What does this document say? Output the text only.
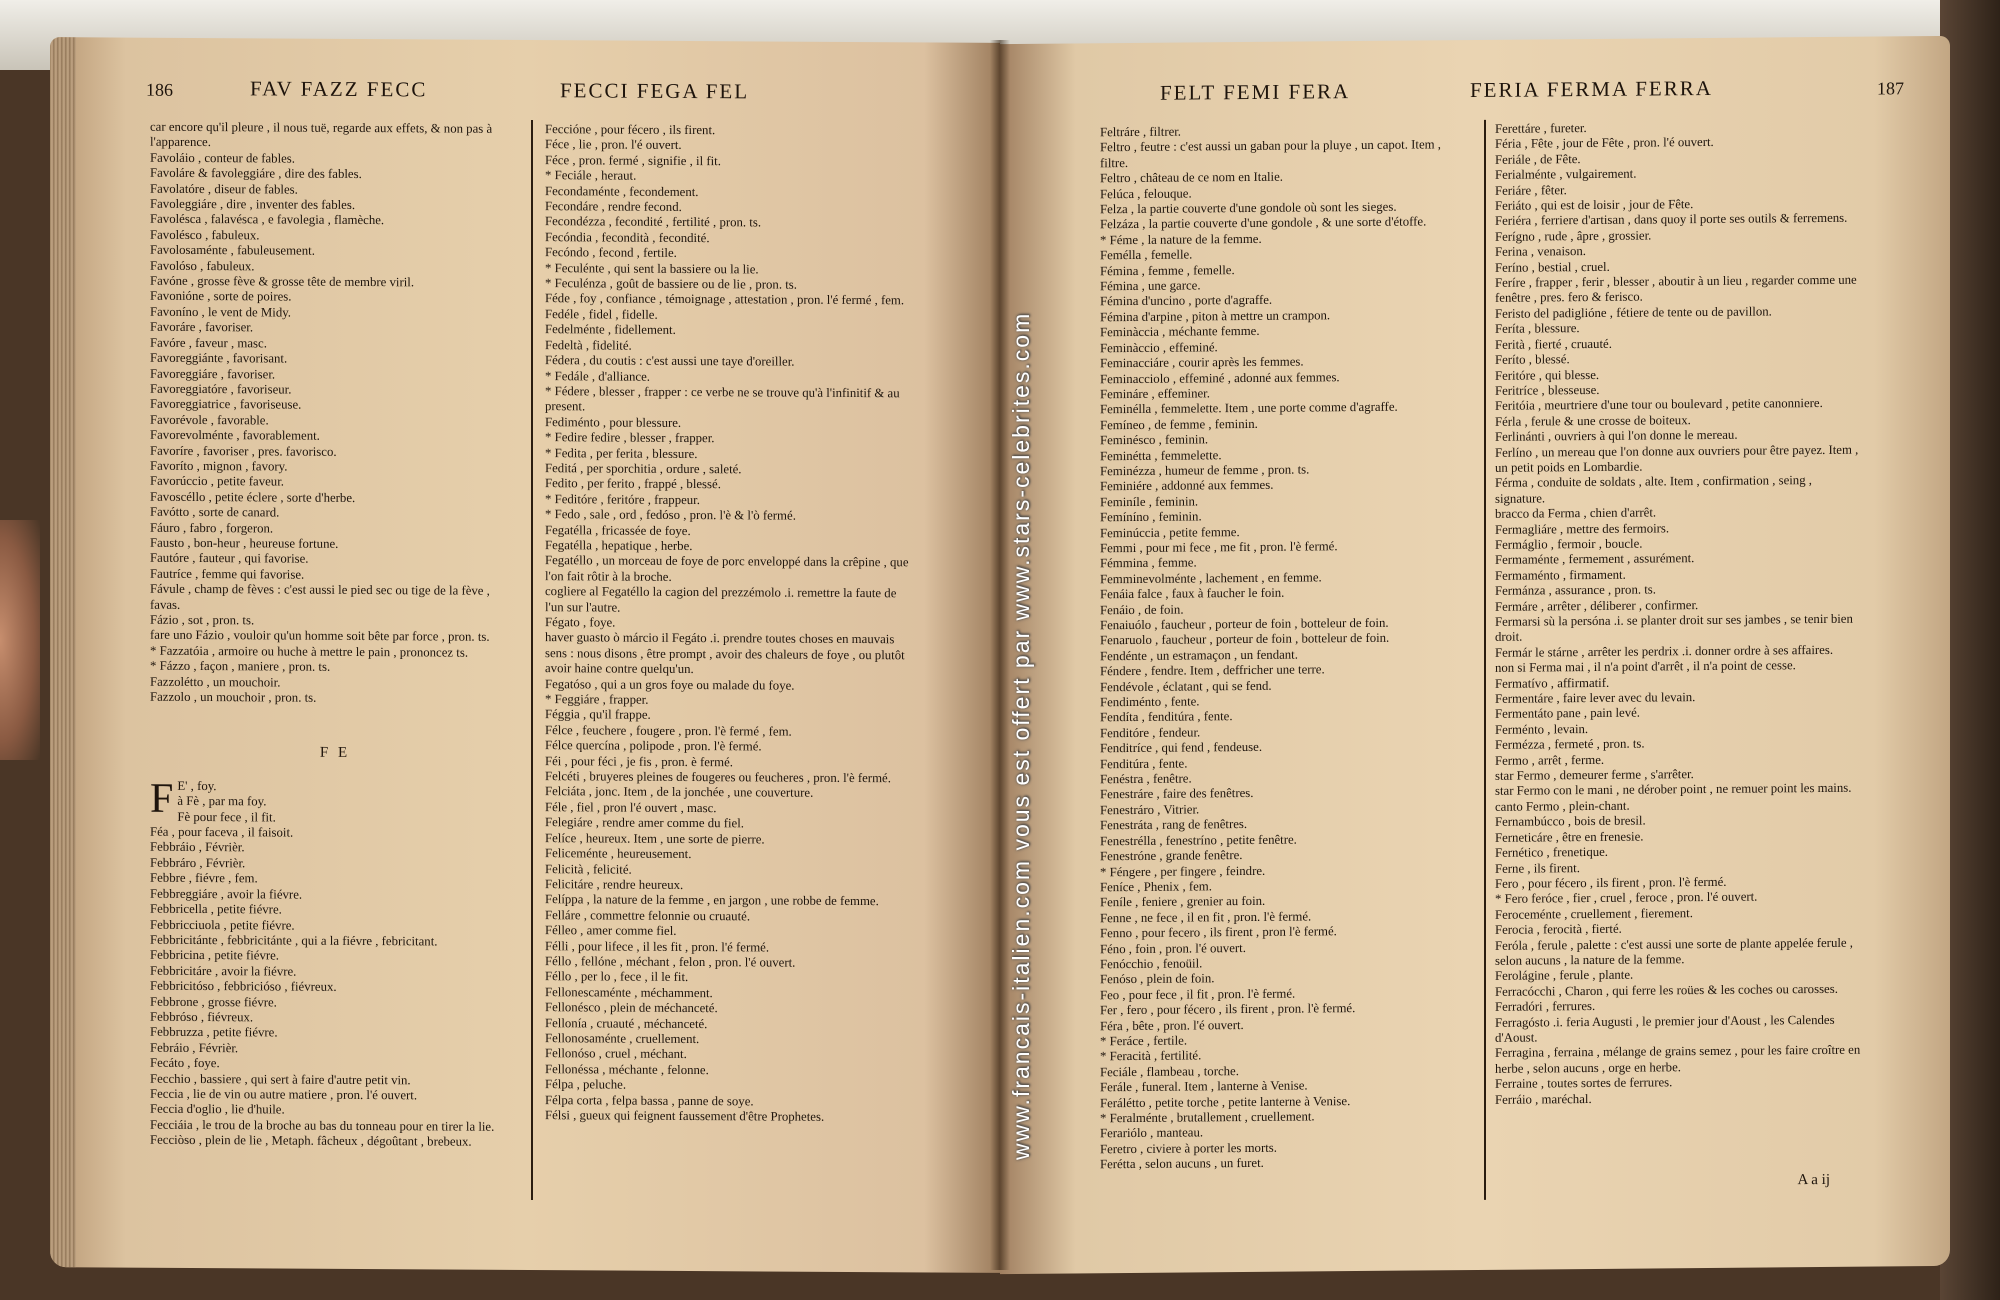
186	FAV FAZZ FECC	FECCI FEGA FEL
car encore qu'il pleure , il nous tuë, regarde aux effets, & non pas à l'apparence.
Favoláio , conteur de fables.
Favoláre & favoleggiáre , dire des fables.
Favolatóre , diseur de fables.
Favoleggiáre , dire , inventer des fables.
Favolésca , falavésca , e favolegia , flamèche.
Favolésco , fabuleux.
Favolosaménte , fabuleusement.
Favolóso , fabuleux.
Favóne , grosse fève & grosse tête de membre viril.
Favonióne , sorte de poires.
Favoníno , le vent de Midy.
Favoráre , favoriser.
Favóre , faveur , masc.
Favoreggiánte , favorisant.
Favoreggiáre , favoriser.
Favoreggiatóre , favoriseur.
Favoreggiatrice , favoriseuse.
Favorévole , favorable.
Favorevolménte , favorablement.
Favoríre , favoriser , pres. favorisco.
Favoríto , mignon , favory.
Favorúccio , petite faveur.
Favoscéllo , petite éclere , sorte d'herbe.
Favótto , sorte de canard.
Fáuro , fabro , forgeron.
Fausto , bon-heur , heureuse fortune.
Fautóre , fauteur , qui favorise.
Fautríce , femme qui favorise.
Fávule , champ de fèves : c'est aussi le pied sec ou tige de la fève , favas.
Fázio , sot , pron. ts.
fare uno Fázio , vouloir qu'un homme soit bête par force , pron. ts.
* Fazzatóia , armoire ou huche à mettre le pain , prononcez ts.
* Fázzo , façon , maniere , pron. ts.
Fazzolétto , un mouchoir.
Fazzolo , un mouchoir , pron. ts.
F E
F E' , foy.
à Fè , par ma foy.
Fè pour fece , il fit.
Féa , pour faceva , il faisoit.
Febbráio , Févrièr.
Febbráro , Févrièr.
Febbre , fiévre , fem.
Febbreggiáre , avoir la fiévre.
Febbricella , petite fiévre.
Febbricciuola , petite fiévre.
Febbricitánte , febbricitánte , qui a la fiévre , febricitant.
Febbricina , petite fiévre.
Febbricitáre , avoir la fiévre.
Febbricitóso , febbricióso , fiévreux.
Febbrone , grosse fiévre.
Febbróso , fiévreux.
Febbruzza , petite fiévre.
Febráio , Févrièr.
Fecáto , foye.
Fecchio , bassiere , qui sert à faire d'autre petit vin.
Feccia , lie de vin ou autre matiere , pron. l'é ouvert.
Feccia d'oglio , lie d'huile.
Fecciáia , le trou de la broche au bas du tonneau pour en tirer la lie.
Fecciòso , plein de lie , Metaph. fâcheux , dégoûtant , brebeux.
Feccióne , pour fécero , ils firent.
Féce , lie , pron. l'é ouvert.
Féce , pron. fermé , signifie , il fit.
* Feciále , heraut.
Fecondaménte , fecondement.
Fecondáre , rendre fecond.
Fecondézza , fecondité , fertilité , pron. ts.
Fecóndia , fecondità , fecondité.
Fecóndo , fecond , fertile.
* Feculénte , qui sent la bassiere ou la lie.
* Feculénza , goût de bassiere ou de lie , pron. ts.
Féde , foy , confiance , témoignage , attestation , pron. l'é fermé , fem.
Fedéle , fidel , fidelle.
Fedelménte , fidellement.
Fedeltà , fidelité.
Fédera , du coutis : c'est aussi une taye d'oreiller.
* Fedále , d'alliance.
* Fédere , blesser , frapper : ce verbe ne se trouve qu'à l'infinitif & au present.
Fediménto , pour blessure.
* Fedire fedire , blesser , frapper.
* Fedita , per ferita , blessure.
Feditá , per sporchitia , ordure , saleté.
Fedito , per ferito , frappé , blessé.
* Feditóre , feritóre , frappeur.
* Fedo , sale , ord , fedóso , pron. l'è & l'ò fermé.
Fegatélla , fricassée de foye.
Fegatélla , hepatique , herbe.
Fegatéllo , un morceau de foye de porc enveloppé dans la crêpine , que l'on fait rôtir à la broche.
cogliere al Fegatéllo la cagion del prezzémolo .i. remettre la faute de l'un sur l'autre.
Fégato , foye.
haver guasto ò márcio il Fegáto .i. prendre toutes choses en mauvais sens : nous disons , être prompt , avoir des chaleurs de foye , ou plutôt avoir haine contre quelqu'un.
Fegatóso , qui a un gros foye ou malade du foye.
* Feggiáre , frapper.
Féggia , qu'il frappe.
Félce , feuchere , fougere , pron. l'è fermé , fem.
Félce quercína , polipode , pron. l'è fermé.
Féi , pour féci , je fis , pron. è fermé.
Felcéti , bruyeres pleines de fougeres ou feucheres , pron. l'è fermé.
Felciáta , jonc. Item , de la jonchée , une couverture.
Féle , fiel , pron l'é ouvert , masc.
Felegiáre , rendre amer comme du fiel.
Felíce , heureux. Item , une sorte de pierre.
Feliceménte , heureusement.
Felicità , felicité.
Felicitáre , rendre heureux.
Felíppa , la nature de la femme , en jargon , une robbe de femme.
Felláre , commettre felonnie ou cruauté.
Félleo , amer comme fiel.
Félli , pour lifece , il les fit , pron. l'é fermé.
Féllo , fellóne , méchant , felon , pron. l'é ouvert.
Féllo , per lo , fece , il le fit.
Fellonescaménte , méchamment.
Fellonésco , plein de méchanceté.
Fellonía , cruauté , méchanceté.
Fellonosaménte , cruellement.
Fellonóso , cruel , méchant.
Fellonéssa , méchante , felonne.
Félpa , peluche.
Félpa corta , felpa bassa , panne de soye.
Félsi , gueux qui feignent faussement d'être Prophetes.
187
FELT FEMI FERA	FERIA FERMA FERRA
Feltráre , filtrer.
Feltro , feutre : c'est aussi un gaban pour la pluye , un capot. Item , filtre.
Feltro , château de ce nom en Italie.
Felúca , felouque.
Felza , la partie couverte d'une gondole où sont les sieges.
Felzáza , la partie couverte d'une gondole , & une sorte d'étoffe.
* Féme , la nature de la femme.
Feméllа , femelle.
Fémina , femme , femelle.
Fémina , une garce.
Fémina d'uncino , porte d'agraffe.
Fémina d'arpine , piton à mettre un crampon.
Feminàccia , méchante femme.
Feminàccio , effeminé.
Feminacciáre , courir après les femmes.
Feminacciolo , effeminé , adonné aux femmes.
Femináre , effeminer.
Feminélla , femmelette. Item , une porte comme d'agraffe.
Femíneo , de femme , feminin.
Feminésco , feminin.
Feminétta , femmelette.
Feminézza , humeur de femme , pron. ts.
Feminiére , addonné aux femmes.
Feminíle , feminin.
Femíníno , feminin.
Feminúccia , petite femme.
Femmi , pour mi fece , me fit , pron. l'è fermé.
Fémmina , femme.
Femminevolménte , lachement , en femme.
Fenáia falce , faux à faucher le foin.
Fenáio , de foin.
Fenaiuólo , faucheur , porteur de foin , botteleur de foin.
Fenaruolo , faucheur , porteur de foin , botteleur de foin.
Fendénte , un estramaçon , un fendant.
Féndere , fendre. Item , deffricher une terre.
Fendévole , éclatant , qui se fend.
Fendiménto , fente.
Fendíta , fenditúra , fente.
Fenditóre , fendeur.
Fenditríce , qui fend , fendeuse.
Fenditúra , fente.
Fenéstra , fenêtre.
Fenestráre , faire des fenêtres.
Fenestráro , Vitrier.
Fenestráta , rang de fenêtres.
Fenestrélla , fenestríno , petite fenêtre.
Fenestróne , grande fenêtre.
* Féngere , per fingere , feindre.
Feníce , Phenix , fem.
Feníle , feniere , grenier au foin.
Fenne , ne fece , il en fit , pron. l'è fermé.
Fenno , pour fecero , ils firent , pron l'è fermé.
Féno , foin , pron. l'é ouvert.
Fenócchio , fenoüil.
Fenóso , plein de foin.
Feo , pour fece , il fit , pron. l'è fermé.
Fer , fero , pour fécero , ils firent , pron. l'è fermé.
Féra , bête , pron. l'é ouvert.
* Feráce , fertile.
* Feracità , fertilité.
Feciále , flambeau , torche.
Ferále , funeral. Item , lanterne à Venise.
Ferálétto , petite torche , petite lanterne à Venise.
* Feralménte , brutallement , cruellement.
Ferariólo , manteau.
Feretro , civiere à porter les morts.
Ferétta , selon aucuns , un furet.
Ferettáre , fureter.
Féria , Fête , jour de Fête , pron. l'é ouvert.
Feriále , de Fête.
Ferialménte , vulgairement.
Feriáre , fêter.
Feriáto , qui est de loisir , jour de Fête.
Feriéra , ferriere d'artisan , dans quoy il porte ses outils & ferremens.
Ferígno , rude , âpre , grossier.
Ferina , venaison.
Feríno , bestial , cruel.
Feríre , frapper , ferir , blesser , aboutir à un lieu , regarder comme une fenêtre , pres. fero & ferisco.
Feristo del padiglióne , fétiere de tente ou de pavillon.
Feríta , blessure.
Ferità , fierté , cruauté.
Feríto , blessé.
Feritóre , qui blesse.
Feritríce , blesseuse.
Feritóia , meurtriere d'une tour ou boulevard , petite canonniere.
Férla , ferule & une crosse de boiteux.
Ferlinánti , ouvriers à qui l'on donne le mereau.
Ferlíno , un mereau que l'on donne aux ouvriers pour être payez. Item , un petit poids en Lombardie.
Férma , conduite de soldats , alte. Item , confirmation , seing , signature.
bracco da Ferma , chien d'arrêt.
Fermagliáre , mettre des fermoirs.
Fermáglio , fermoir , boucle.
Fermaménte , fermement , assurément.
Fermaménto , firmament.
Fermánza , assurance , pron. ts.
Fermáre , arrêter , déliberer , confirmer.
Fermarsi sù la persóna .i. se planter droit sur ses jambes , se tenir bien droit.
Fermár le stárne , arrêter les perdrix .i. donner ordre à ses affaires.
non si Ferma mai , il n'a point d'arrêt , il n'a point de cesse.
Fermatívo , affirmatif.
Fermentáre , faire lever avec du levain.
Fermentáto pane , pain levé.
Ferménto , levain.
Fermézza , fermeté , pron. ts.
Fermo , arrêt , ferme.
star Fermo , demeurer ferme , s'arrêter.
star Fermo con le mani , ne dérober point , ne remuer point les mains.
canto Fermo , plein-chant.
Fernambúcco , bois de bresil.
Ferneticáre , être en frenesie.
Fernético , frenetique.
Ferne , ils firent.
Fero , pour fécero , ils firent , pron. l'è fermé.
* Fero feróce , fier , cruel , feroce , pron. l'é ouvert.
Feroceménte , cruellement , fierement.
Ferocia , ferocità , fierté.
Feróla , ferule , palette : c'est aussi une sorte de plante appelée ferule , selon aucuns , la nature de la femme.
Ferolágine , ferule , plante.
Ferracócchi , Charon , qui ferre les roües & les coches ou carosses.
Ferradóri , ferrures.
Ferragósto .i. feria Augusti , le premier jour d'Aoust , les Calendes d'Aoust.
Ferragina , ferraina , mélange de grains semez , pour les faire croître en herbe , selon aucuns , orge en herbe.
Ferraine , toutes sortes de ferrures.
Ferráio , maréchal.
A a ij
